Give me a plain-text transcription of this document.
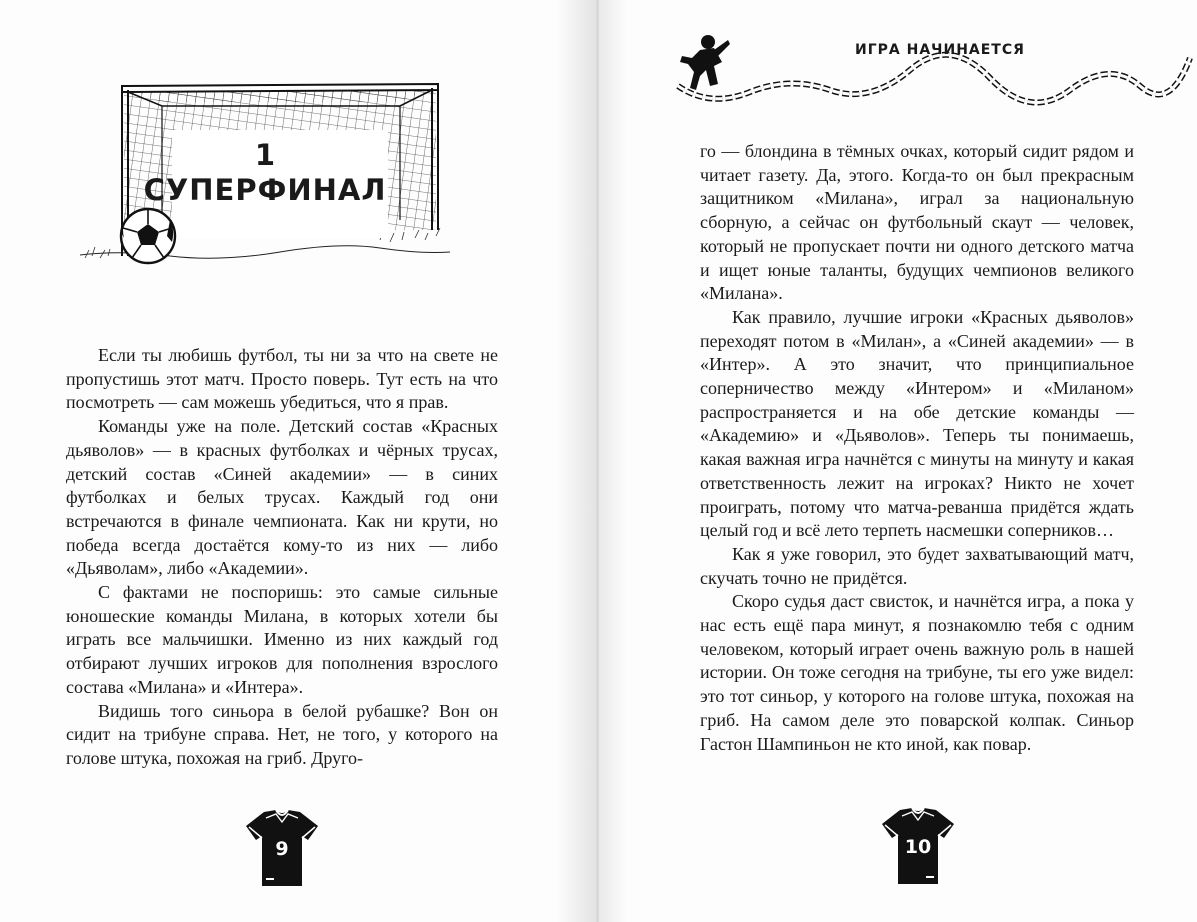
1
СУПЕРФИНАЛ

Если ты любишь футбол, ты ни за что на свете не пропустишь этот матч. Просто поверь. Тут есть на что посмотреть — сам можешь убедиться, что я прав.

Команды уже на поле. Детский состав «Красных дьяволов» — в красных футболках и чёрных трусах, детский состав «Синей академии» — в синих футболках и белых трусах. Каждый год они встречаются в финале чемпионата. Как ни крути, но победа всегда достаётся кому-то из них — либо «Дьяволам», либо «Академии».

С фактами не поспоришь: это самые сильные юношеские команды Милана, в которых хотели бы играть все мальчишки. Именно из них каждый год отбирают лучших игроков для пополнения взрослого состава «Милана» и «Интера».

Видишь того синьора в белой рубашке? Вон он сидит на трибуне справа. Нет, не того, у которого на голове штука, похожая на гриб. Друго-

9
ИГРА НАЧИНАЕТСЯ

го — блондина в тёмных очках, который сидит рядом и читает газету. Да, этого. Когда-то он был прекрасным защитником «Милана», играл за национальную сборную, а сейчас он футбольный скаут — человек, который не пропускает почти ни одного детского матча и ищет юные таланты, будущих чемпионов великого «Милана».

Как правило, лучшие игроки «Красных дьяволов» переходят потом в «Милан», а «Синей академии» — в «Интер». А это значит, что принципиальное соперничество между «Интером» и «Миланом» распространяется и на обе детские команды — «Академию» и «Дьяволов». Теперь ты понимаешь, какая важная игра начнётся с минуты на минуту и какая ответственность лежит на игроках? Никто не хочет проиграть, потому что матча-реванша придётся ждать целый год и всё лето терпеть насмешки соперников…

Как я уже говорил, это будет захватывающий матч, скучать точно не придётся.

Скоро судья даст свисток, и начнётся игра, а пока у нас есть ещё пара минут, я познакомлю тебя с одним человеком, который играет очень важную роль в нашей истории. Он тоже сегодня на трибуне, ты его уже видел: это тот синьор, у которого на голове штука, похожая на гриб. На самом деле это поварской колпак. Синьор Гастон Шампиньон не кто иной, как повар.

10
